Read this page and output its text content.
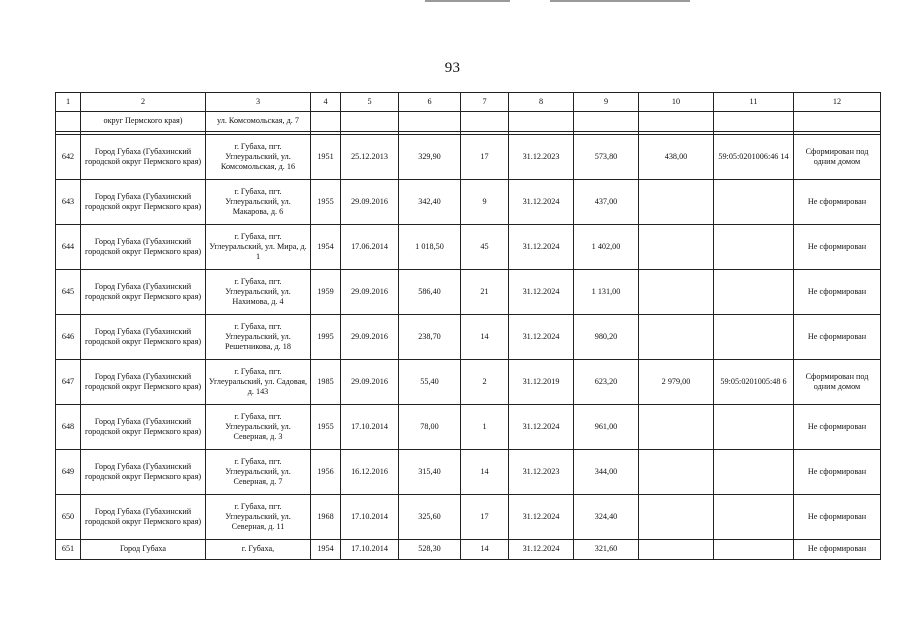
93
1	2	3	4	5	6	7	8	9	10	11	12
	округ Пермского края)	ул. Комсомольская, д. 7									

642	Город Губаха (Губахинский городской округ Пермского края)	г. Губаха, пгт. Углеуральский, ул. Комсомольская, д. 16	1951	25.12.2013	329,90	17	31.12.2023	573,80	438,00	59:05:0201006:46 14	Сформирован под одним домом
643	Город Губаха (Губахинский городской округ Пермского края)	г. Губаха, пгт. Углеуральский, ул. Макарова, д. 6	1955	29.09.2016	342,40	9	31.12.2024	437,00			Не сформирован
644	Город Губаха (Губахинский городской округ Пермского края)	г. Губаха, пгт. Углеуральский, ул. Мира, д. 1	1954	17.06.2014	1 018,50	45	31.12.2024	1 402,00			Не сформирован
645	Город Губаха (Губахинский городской округ Пермского края)	г. Губаха, пгт. Углеуральский, ул. Нахимова, д. 4	1959	29.09.2016	586,40	21	31.12.2024	1 131,00			Не сформирован
646	Город Губаха (Губахинский городской округ Пермского края)	г. Губаха, пгт. Углеуральский, ул. Решетникова, д. 18	1995	29.09.2016	238,70	14	31.12.2024	980,20			Не сформирован
647	Город Губаха (Губахинский городской округ Пермского края)	г. Губаха, пгт. Углеуральский, ул. Садовая, д. 143	1985	29.09.2016	55,40	2	31.12.2019	623,20	2 979,00	59:05:0201005:48 6	Сформирован под одним домом
648	Город Губаха (Губахинский городской округ Пермского края)	г. Губаха, пгт. Углеуральский, ул. Северная, д. 3	1955	17.10.2014	78,00	1	31.12.2024	961,00			Не сформирован
649	Город Губаха (Губахинский городской округ Пермского края)	г. Губаха, пгт. Углеуральский, ул. Северная, д. 7	1956	16.12.2016	315,40	14	31.12.2023	344,00			Не сформирован
650	Город Губаха (Губахинский городской округ Пермского края)	г. Губаха, пгт. Углеуральский, ул. Северная, д. 11	1968	17.10.2014	325,60	17	31.12.2024	324,40			Не сформирован
651	Город Губаха	г. Губаха,	1954	17.10.2014	528,30	14	31.12.2024	321,60			Не сформирован
